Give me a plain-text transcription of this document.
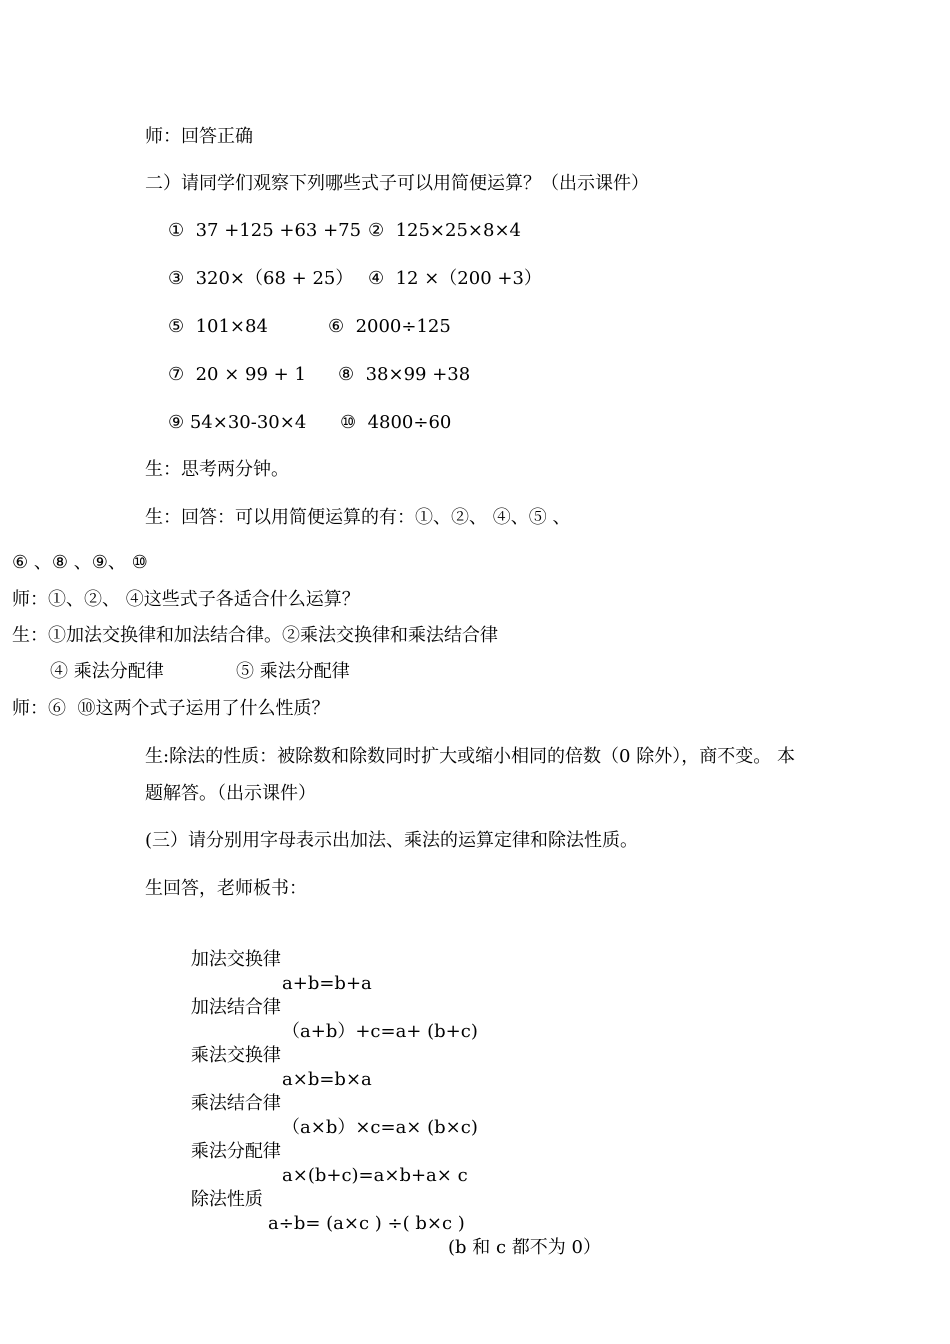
师：回答正确
二）请同学们观察下列哪些式子可以用简便运算？（出示课件）
①  37 +125 +63 +75 ②  125×25×8×4
③  320×（68 + 25） ④  12 ×（200 +3）
⑤  101×84	⑥  2000÷125
⑦  20 × 99 + 1 ⑧  38×99 +38
⑨ 54×30-30×4 ⑩  4800÷60
生：思考两分钟。
生：回答：可以用简便运算的有：①、②、 ④、⑤ 、
⑥ 、⑧ 、⑨、 ⑩
师：①、②、 ④这些式子各适合什么运算？
生：①加法交换律和加法结合律。②乘法交换律和乘法结合律
④ 乘法分配律	⑤ 乘法分配律
师：⑥  ⑩这两个式子运用了什么性质？
生:除法的性质：被除数和除数同时扩大或缩小相同的倍数（0 除外），商不变。 本
题解答。（出示课件）
(三）请分别用字母表示出加法、乘法的运算定律和除法性质。
生回答，老师板书：

加法交换律

a+b=b+a

加法结合律

（a+b）+c=a+ (b+c)

乘法交换律

a×b=b×a

乘法结合律

（a×b）×c=a× (b×c)

乘法分配律

a×(b+c)=a×b+a× c

除法性质

a÷b= (a×c ) ÷( b×c )

(b 和 c 都不为 0）
